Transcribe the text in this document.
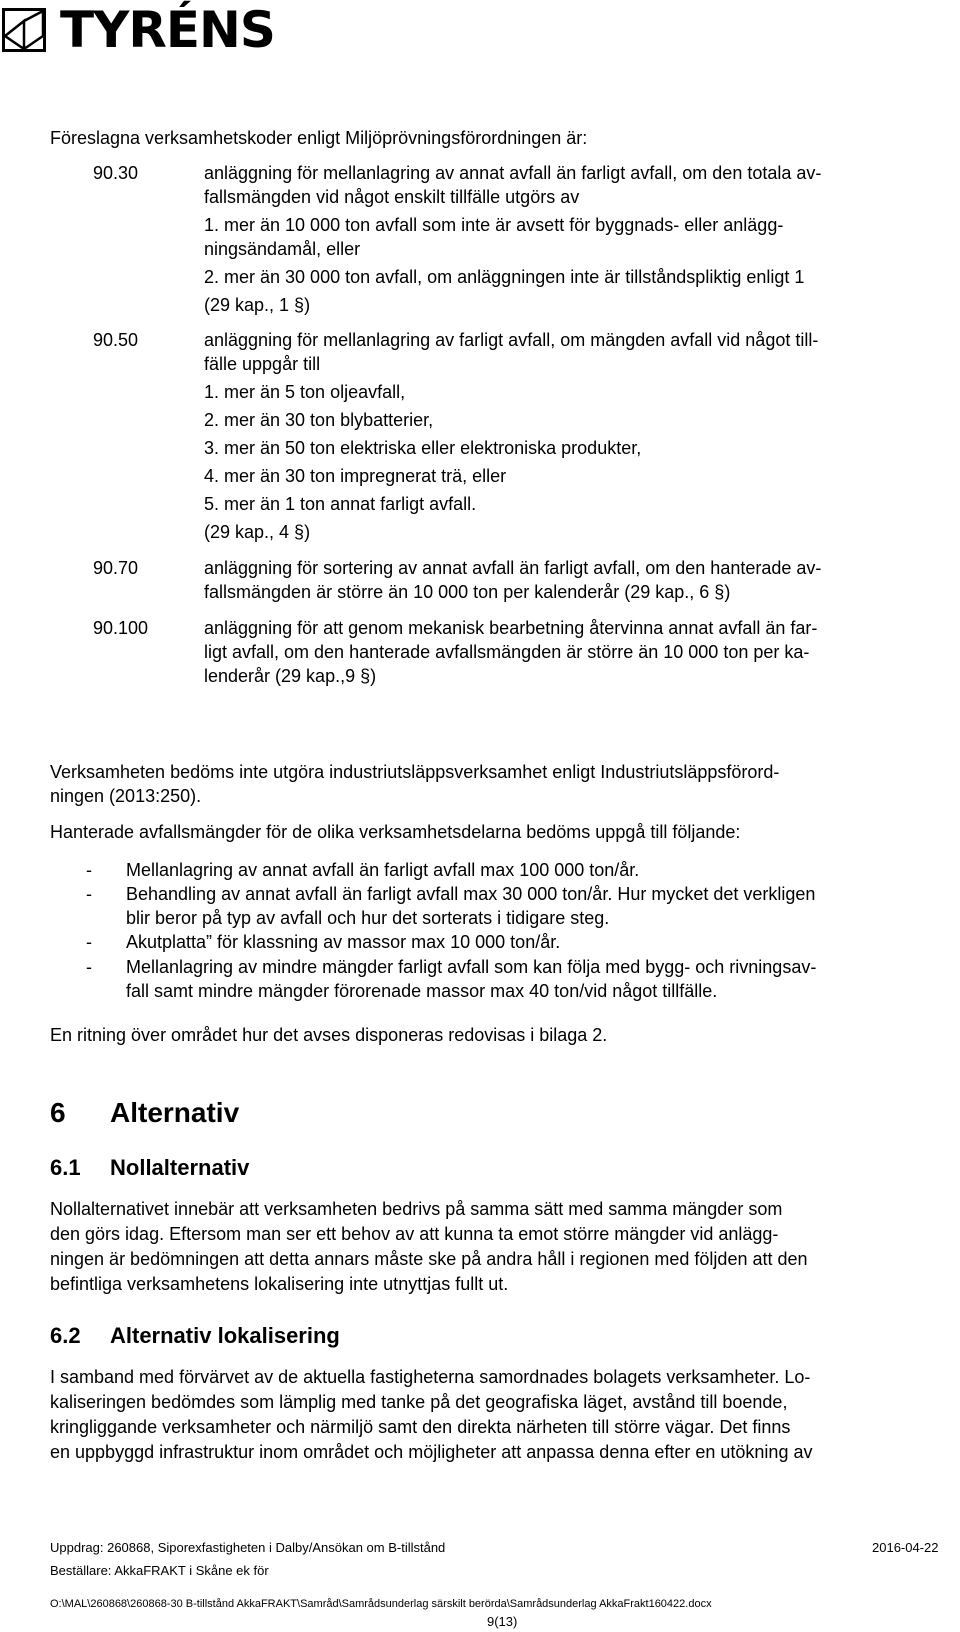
TYRÉNS
Föreslagna verksamhetskoder enligt Miljöprövningsförordningen är:
90.30	anläggning för mellanlagring av annat avfall än farligt avfall, om den totala av-
fallsmängden vid något enskilt tillfälle utgörs av
1. mer än 10 000 ton avfall som inte är avsett för byggnads- eller anlägg-
ningsändamål, eller
2. mer än 30 000 ton avfall, om anläggningen inte är tillståndspliktig enligt 1
(29 kap., 1 §)
90.50	anläggning för mellanlagring av farligt avfall, om mängden avfall vid något till-
fälle uppgår till
1. mer än 5 ton oljeavfall,
2. mer än 30 ton blybatterier,
3. mer än 50 ton elektriska eller elektroniska produkter,
4. mer än 30 ton impregnerat trä, eller
5. mer än 1 ton annat farligt avfall.
(29 kap., 4 §)
90.70	anläggning för sortering av annat avfall än farligt avfall, om den hanterade av-
fallsmängden är större än 10 000 ton per kalenderår (29 kap., 6 §)
90.100	anläggning för att genom mekanisk bearbetning återvinna annat avfall än far-
ligt avfall, om den hanterade avfallsmängden är större än 10 000 ton per ka-
lenderår (29 kap.,9 §)
Verksamheten bedöms inte utgöra industriutsläppsverksamhet enligt Industriutsläppsförord-
ningen (2013:250).
Hanterade avfallsmängder för de olika verksamhetsdelarna bedöms uppgå till följande:
- Mellanlagring av annat avfall än farligt avfall max 100 000 ton/år.
- Behandling av annat avfall än farligt avfall max 30 000 ton/år. Hur mycket det verkligen
blir beror på typ av avfall och hur det sorterats i tidigare steg.
- Akutplatta” för klassning av massor max 10 000 ton/år.
- Mellanlagring av mindre mängder farligt avfall som kan följa med bygg- och rivningsav-
fall samt mindre mängder förorenade massor max 40 ton/vid något tillfälle.
En ritning över området hur det avses disponeras redovisas i bilaga 2.
6 Alternativ
6.1 Nollalternativ
Nollalternativet innebär att verksamheten bedrivs på samma sätt med samma mängder som
den görs idag. Eftersom man ser ett behov av att kunna ta emot större mängder vid anlägg-
ningen är bedömningen att detta annars måste ske på andra håll i regionen med följden att den
befintliga verksamhetens lokalisering inte utnyttjas fullt ut.
6.2 Alternativ lokalisering
I samband med förvärvet av de aktuella fastigheterna samordnades bolagets verksamheter. Lo-
kaliseringen bedömdes som lämplig med tanke på det geografiska läget, avstånd till boende,
kringliggande verksamheter och närmiljö samt den direkta närheten till större vägar. Det finns
en uppbyggd infrastruktur inom området och möjligheter att anpassa denna efter en utökning av
Uppdrag: 260868, Siporexfastigheten i Dalby/Ansökan om B-tillstånd	2016-04-22
Beställare: AkkaFRAKT i Skåne ek för
O:\MAL\260868\260868-30 B-tillstånd AkkaFRAKT\Samråd\Samrådsunderlag särskilt berörda\Samrådsunderlag AkkaFrakt160422.docx
9(13)
